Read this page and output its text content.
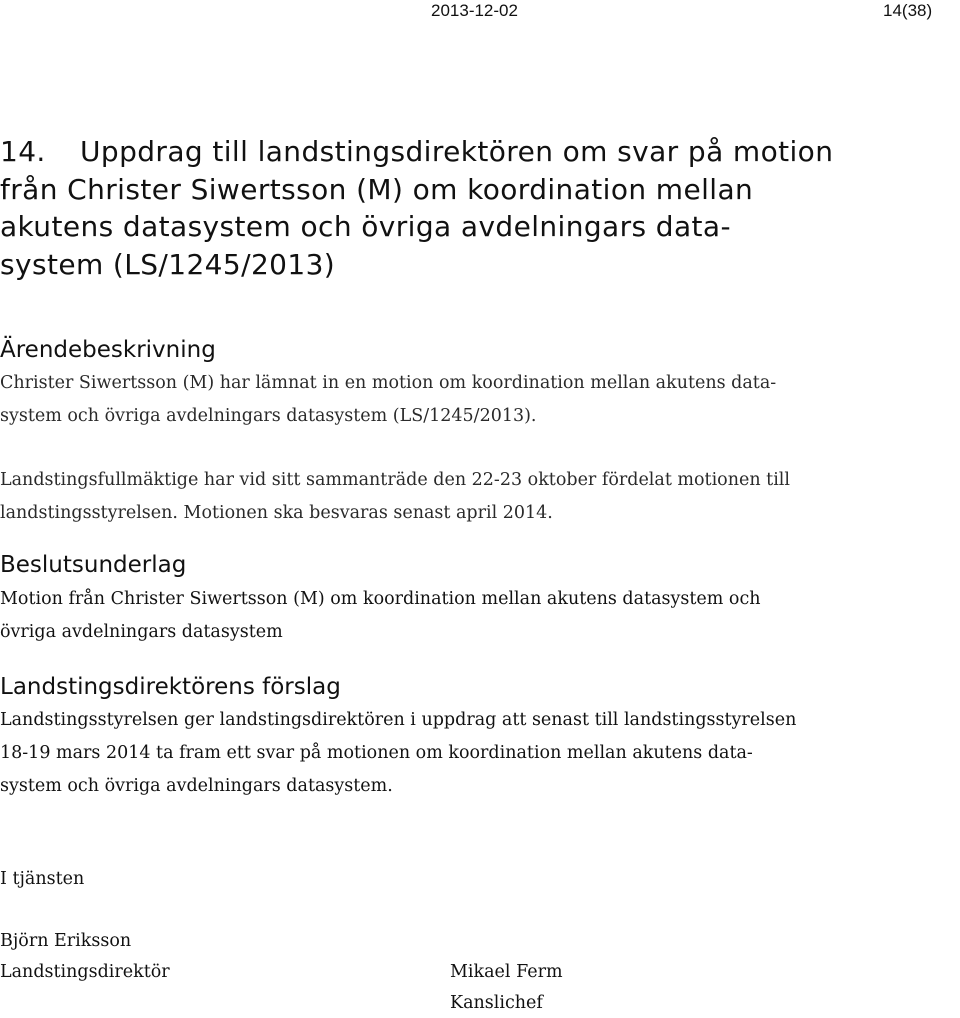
2013-12-02	14(38)
14. Uppdrag till landstingsdirektören om svar på motion
från Christer Siwertsson (M) om koordination mellan
akutens datasystem och övriga avdelningars data-
system (LS/1245/2013)
Ärendebeskrivning

Christer Siwertsson (M) har lämnat in en motion om koordination mellan akutens data-
system och övriga avdelningars datasystem (LS/1245/2013).

Landstingsfullmäktige har vid sitt sammanträde den 22-23 oktober fördelat motionen till
landstingsstyrelsen. Motionen ska besvaras senast april 2014.

Beslutsunderlag

Motion från Christer Siwertsson (M) om koordination mellan akutens datasystem och
övriga avdelningars datasystem

Landstingsdirektörens förslag

Landstingsstyrelsen ger landstingsdirektören i uppdrag att senast till landstingsstyrelsen
18-19 mars 2014 ta fram ett svar på motionen om koordination mellan akutens data-
system och övriga avdelningars datasystem.

I tjänsten
Björn Eriksson
Landstingsdirektör	Mikael Ferm
Kanslichef
